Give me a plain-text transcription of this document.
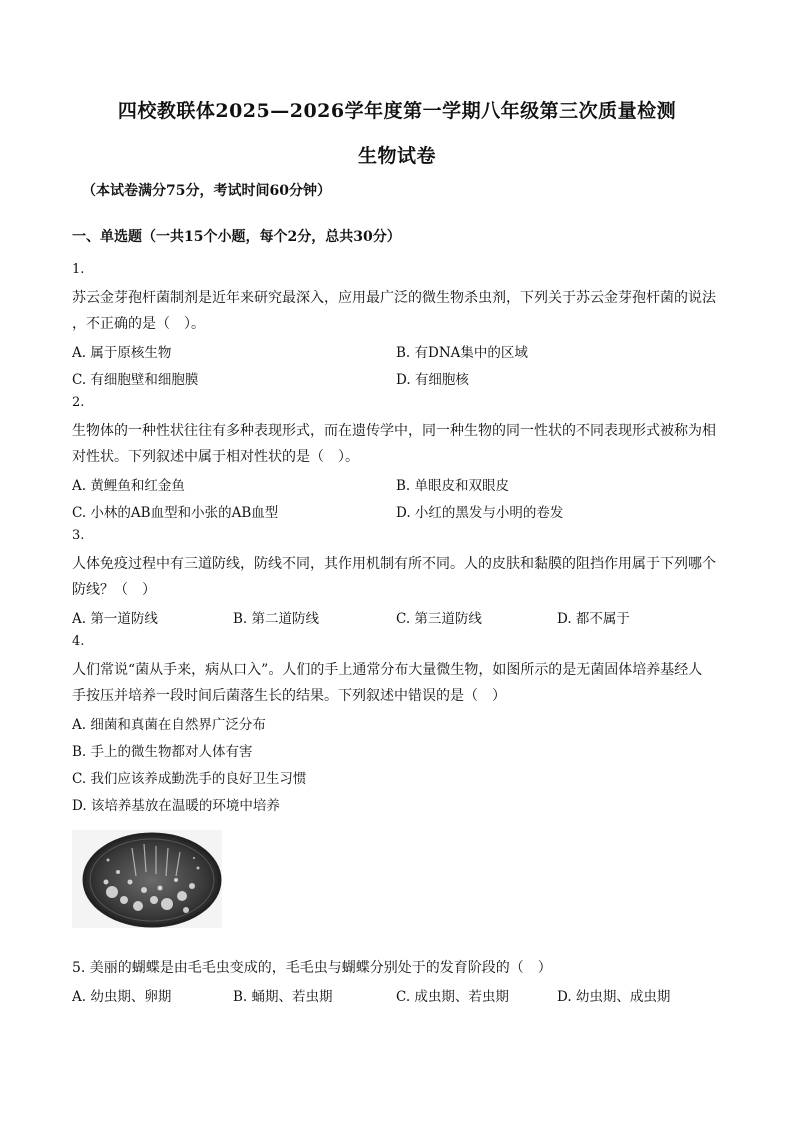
四校教联体2025—2026学年度第一学期八年级第三次质量检测
生物试卷
（本试卷满分75分，考试时间60分钟）
一、单选题（一共15个小题，每个2分，总共30分）
1.
苏云金芽孢杆菌制剂是近年来研究最深入，应用最广泛的微生物杀虫剂，下列关于苏云金芽孢杆菌的说法
，不正确的是（　）。
A. 属于原核生物	B. 有DNA集中的区域
C. 有细胞壁和细胞膜	D. 有细胞核
2.
生物体的一种性状往往有多种表现形式，而在遗传学中，同一种生物的同一性状的不同表现形式被称为相
对性状。下列叙述中属于相对性状的是（　）。
A. 黄鲤鱼和红金鱼	B. 单眼皮和双眼皮
C. 小林的AB血型和小张的AB血型	D. 小红的黑发与小明的卷发
3.
人体免疫过程中有三道防线，防线不同，其作用机制有所不同。人的皮肤和黏膜的阻挡作用属于下列哪个
防线？（　）
A. 第一道防线	B. 第二道防线	C. 第三道防线	D. 都不属于
4.
人们常说“菌从手来，病从口入”。人们的手上通常分布大量微生物，如图所示的是无菌固体培养基经人
手按压并培养一段时间后菌落生长的结果。下列叙述中错误的是（　）
A. 细菌和真菌在自然界广泛分布
B. 手上的微生物都对人体有害
C. 我们应该养成勤洗手的良好卫生习惯
D. 该培养基放在温暖的环境中培养
5. 美丽的蝴蝶是由毛毛虫变成的，毛毛虫与蝴蝶分别处于的发育阶段的（　）
A. 幼虫期、卵期	B. 蛹期、若虫期	C. 成虫期、若虫期	D. 幼虫期、成虫期
